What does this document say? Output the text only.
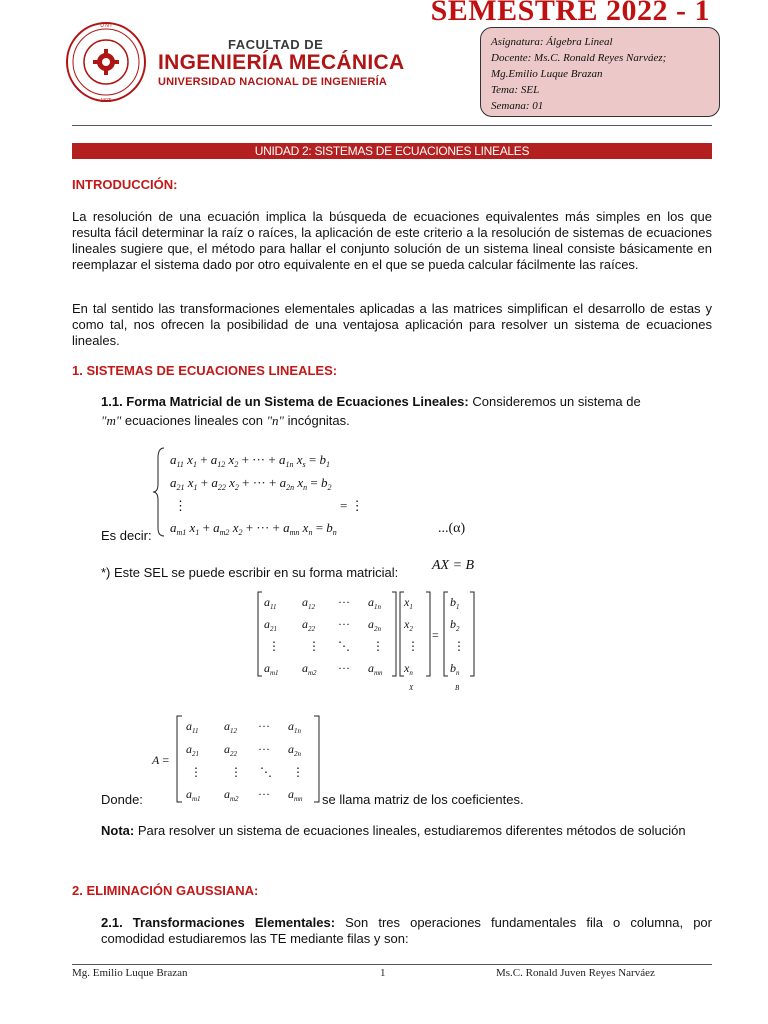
U N I
1876
FACULTAD DE
INGENIERÍA MECÁNICA
UNIVERSIDAD NACIONAL DE INGENIERÍA
SEMESTRE 2022 - 1
Asignatura: Álgebra Lineal
Docente: Ms.C. Ronald Reyes Narváez;
Mg.Emilio Luque Brazan
Tema: SEL
Semana: 01
UNIDAD 2: SISTEMAS DE ECUACIONES LINEALES
INTRODUCCIÓN:
La resolución de una ecuación implica la búsqueda de ecuaciones equivalentes más simples en los que resulta fácil determinar la raíz o raíces, la aplicación de este criterio a la resolución de sistemas de ecuaciones lineales sugiere que, el método para hallar el conjunto solución de un sistema lineal consiste básicamente en reemplazar el sistema dado por otro equivalente en el que se pueda calcular fácilmente las raíces.
En tal sentido las transformaciones elementales aplicadas a las matrices simplifican el desarrollo de estas y como tal, nos ofrecen la posibilidad de una ventajosa aplicación para resolver un sistema de ecuaciones lineales.
1. SISTEMAS DE ECUACIONES LINEALES:
1.1. Forma Matricial de un Sistema de Ecuaciones Lineales: Consideremos un sistema de
"m" ecuaciones lineales con "n" incógnitas.
$a_{11}$ $x_1 + a_{12}$ $x_2$ + ··· + $a_{1n}$ $x_s = b_1$
$a_{21}$ $x_1 + a_{22}$ $x_2$ + ··· + $a_{2n}$ $x_n = b_2$
⋮	= ⋮
$a_{m1}$ $x_1 + a_{m2}$ $x_2$ + ··· + $a_{mn}$ $x_n = b_n$
Es decir:	...(α)
*) Este SEL se puede escribir en su forma matricial: AX = B
$a_{11}$ $a_{12}$ ··· $a_{1n}$
$a_{21}$ $a_{22}$ ··· $a_{2n}$
⋮ ⋮ ⋱ ⋮
$a_{m1}$ $a_{m2}$ ··· $a_{mn}$
$x_1$
$x_2$
⋮
$x_n$
=
$b_1$
$b_2$
⋮
$b_n$
X	B
A =
$a_{11}$ $a_{12}$ ··· $a_{1n}$
$a_{21}$ $a_{22}$ ··· $a_{2n}$
⋮ ⋮ ⋱ ⋮
$a_{m1}$ $a_{m2}$ ··· $a_{mn}$
Donde:	se llama matriz de los coeficientes.
Nota: Para resolver un sistema de ecuaciones lineales, estudiaremos diferentes métodos de solución
2. ELIMINACIÓN GAUSSIANA:
2.1. Transformaciones Elementales: Son tres operaciones fundamentales fila o columna, por comodidad estudiaremos las TE mediante filas y son:
Mg. Emilio Luque Brazan	1	Ms.C. Ronald Juven Reyes Narváez
